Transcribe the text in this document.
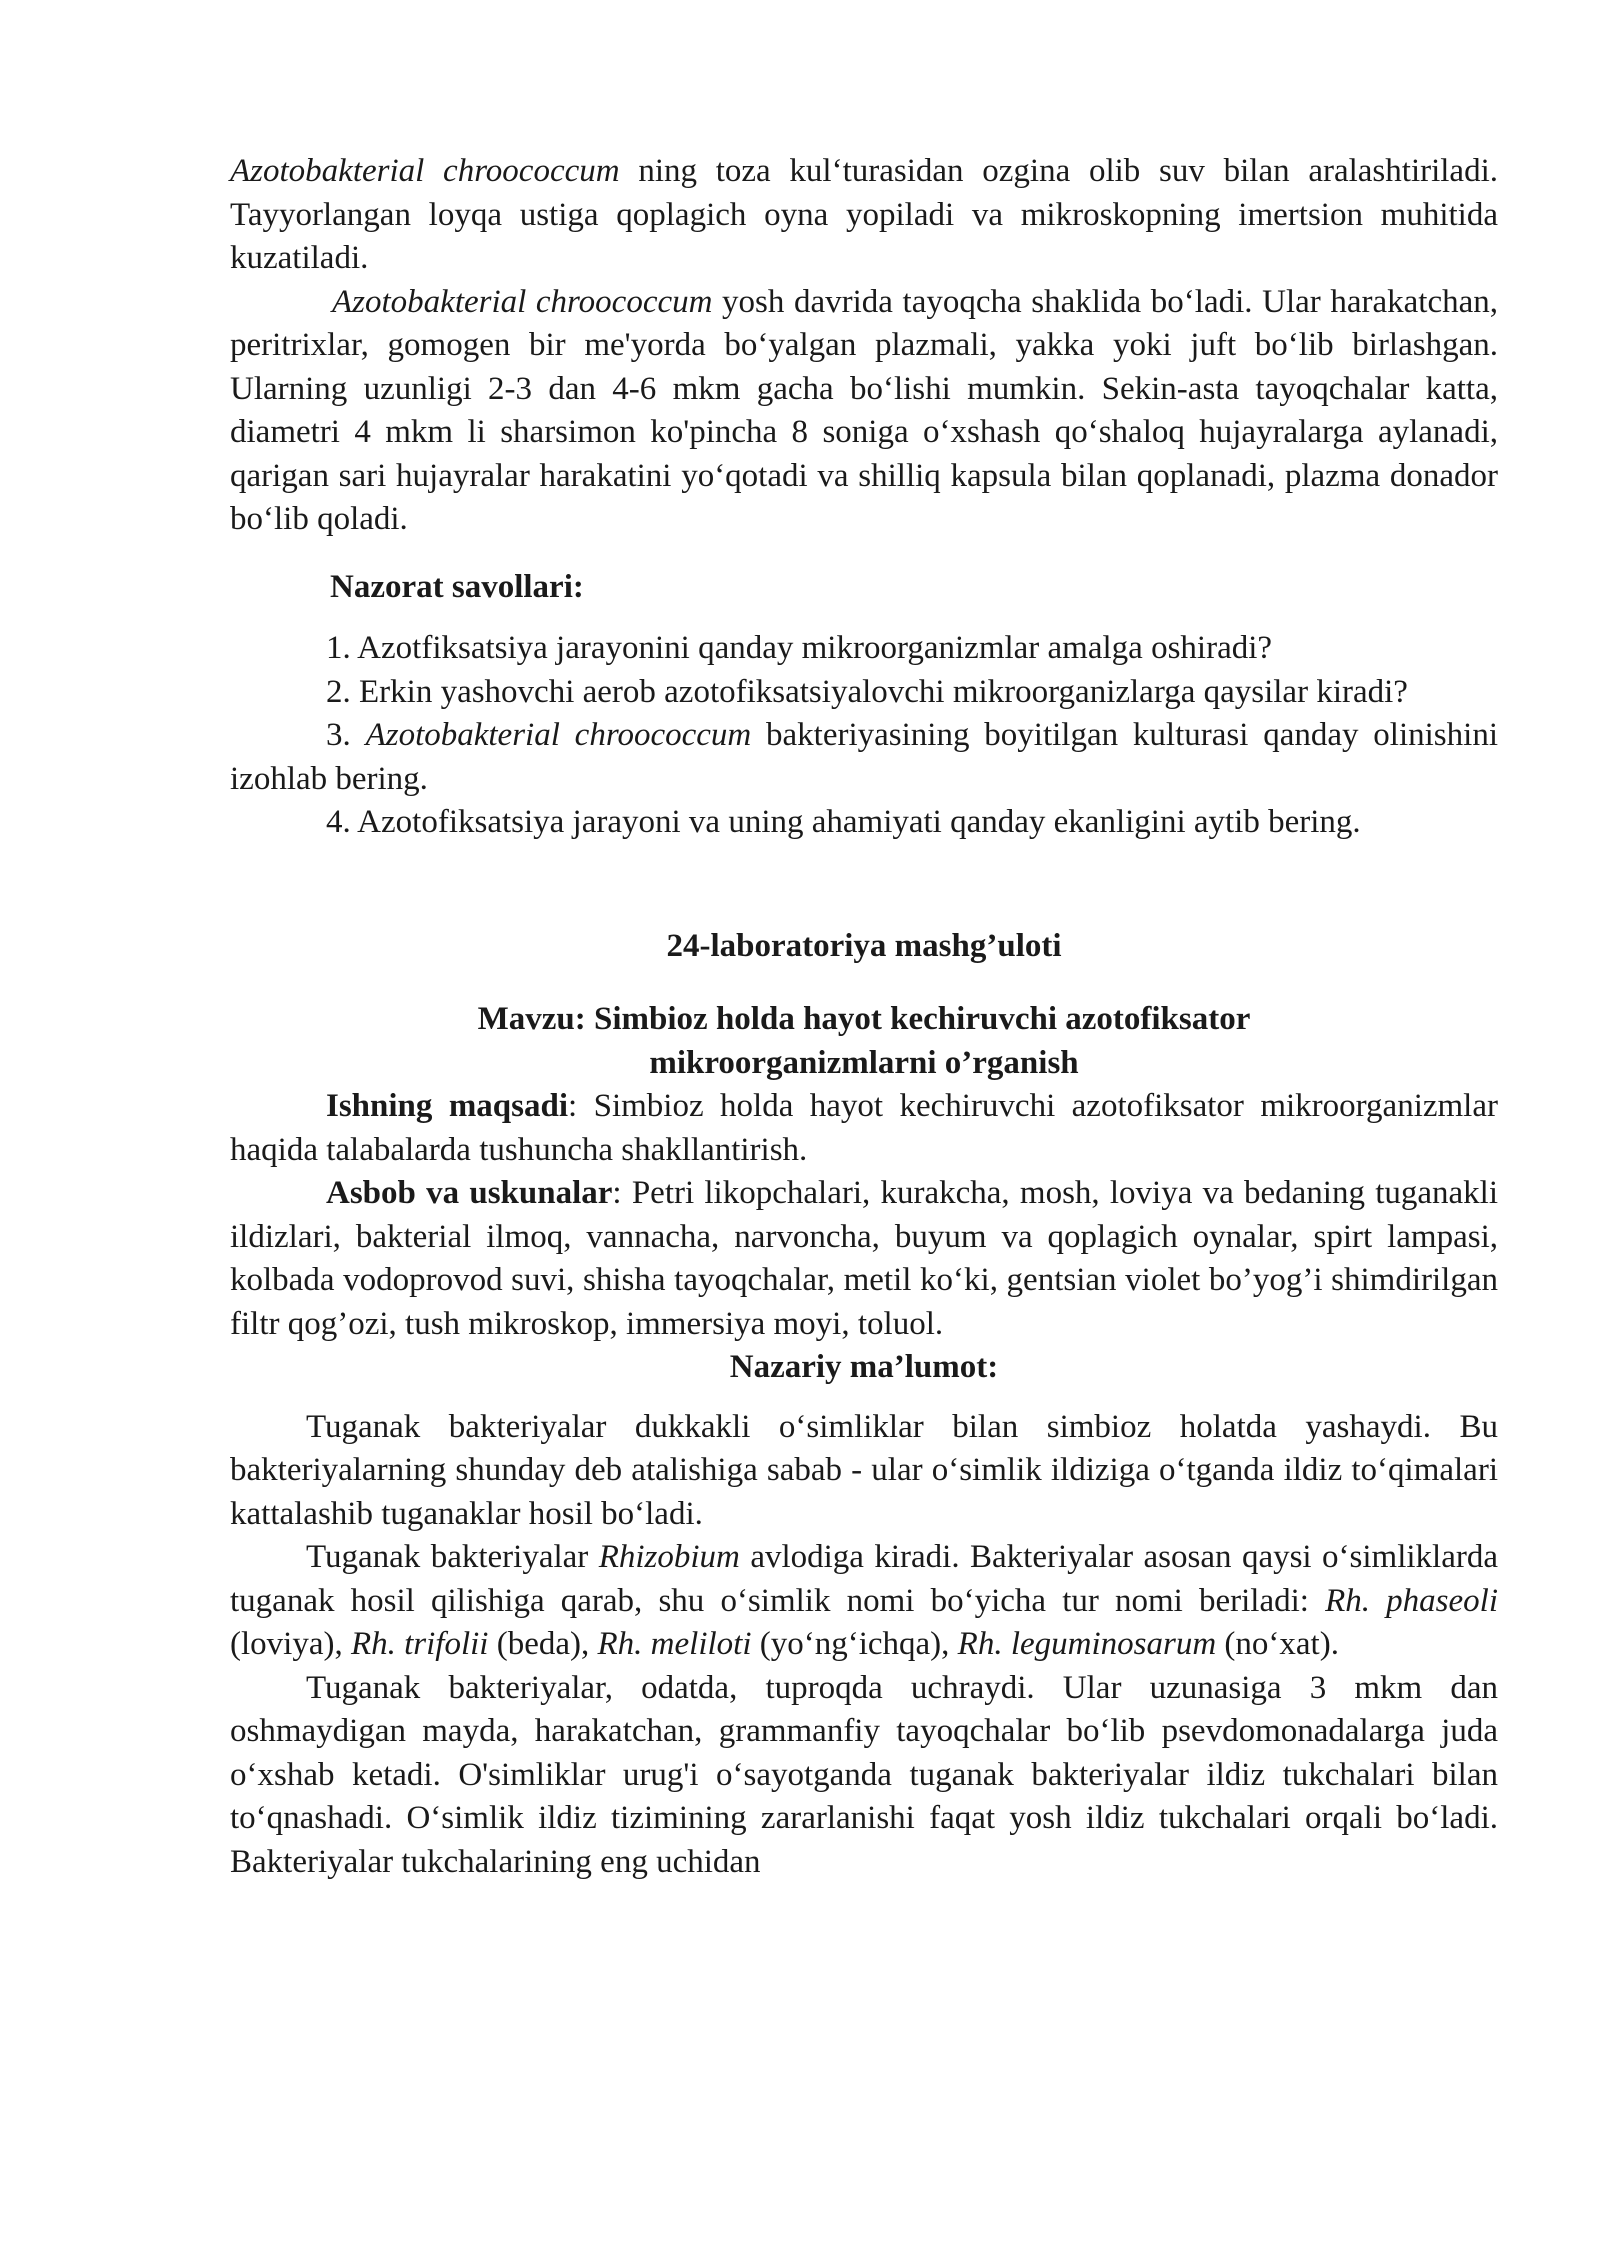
Azotobakterial chroococcum ning toza kul‘turasidan ozgina olib suv bilan aralashtiriladi. Tayyorlangan loyqa ustiga qoplagich oyna yopiladi va mikroskopning imertsion muhitida kuzatiladi.

Azotobakterial chroococcum yosh davrida tayoqcha shaklida bo‘ladi. Ular harakatchan, peritrixlar, gomogen bir me'yorda bo‘yalgan plazmali, yakka yoki juft bo‘lib birlashgan. Ularning uzunligi 2-3 dan 4-6 mkm gacha bo‘lishi mumkin. Sekin-asta tayoqchalar katta, diametri 4 mkm li sharsimon ko'pincha 8 soniga o‘xshash qo‘shaloq hujayralarga aylanadi, qarigan sari hujayralar harakatini yo‘qotadi va shilliq kapsula bilan qoplanadi, plazma donador bo‘lib qoladi.

Nazorat savollari:

1. Azotfiksatsiya jarayonini qanday mikroorganizmlar amalga oshiradi?

2. Erkin yashovchi aerob azotofiksatsiyalovchi mikroorganizlarga qaysilar kiradi?

3. Azotobakterial chroococcum bakteriyasining boyitilgan kulturasi qanday olinishini izohlab bering.

4. Azotofiksatsiya jarayoni va uning ahamiyati qanday ekanligini aytib bering.

24-laboratoriya mashg’uloti

Mavzu: Simbioz holda hayot kechiruvchi azotofiksator

mikroorganizmlarni o’rganish

Ishning maqsadi: Simbioz holda hayot kechiruvchi azotofiksator mikroorganizmlar haqida talabalarda tushuncha shakllantirish.

Asbob va uskunalar: Petri likopchalari, kurakcha, mosh, loviya va bedaning tuganakli ildizlari, bakterial ilmoq, vannacha, narvoncha, buyum va qoplagich oynalar, spirt lampasi, kolbada vodoprovod suvi, shisha tayoqchalar, metil ko‘ki, gentsian violet bo’yog’i shimdirilgan filtr qog’ozi, tush mikroskop, immersiya moyi, toluol.

Nazariy ma’lumot:

Tuganak bakteriyalar dukkakli o‘simliklar bilan simbioz holatda yashaydi. Bu bakteriyalarning shunday deb atalishiga sabab - ular o‘simlik ildiziga o‘tganda ildiz to‘qimalari kattalashib tuganaklar hosil bo‘ladi.

Tuganak bakteriyalar Rhizobium avlodiga kiradi. Bakteriyalar asosan qaysi o‘simliklarda tuganak hosil qilishiga qarab, shu o‘simlik nomi bo‘yicha tur nomi beriladi: Rh. phaseoli (loviya), Rh. trifolii (beda), Rh. meliloti (yo‘ng‘ichqa), Rh. leguminosarum (no‘xat).

Tuganak bakteriyalar, odatda, tuproqda uchraydi. Ular uzunasiga 3 mkm dan oshmaydigan mayda, harakatchan, grammanfiy tayoqchalar bo‘lib psevdomonadalarga juda o‘xshab ketadi. O'simliklar urug'i o‘sayotganda tuganak bakteriyalar ildiz tukchalari bilan to‘qnashadi. O‘simlik ildiz tizimining zararlanishi faqat yosh ildiz tukchalari orqali bo‘ladi. Bakteriyalar tukchalarining eng uchidan
